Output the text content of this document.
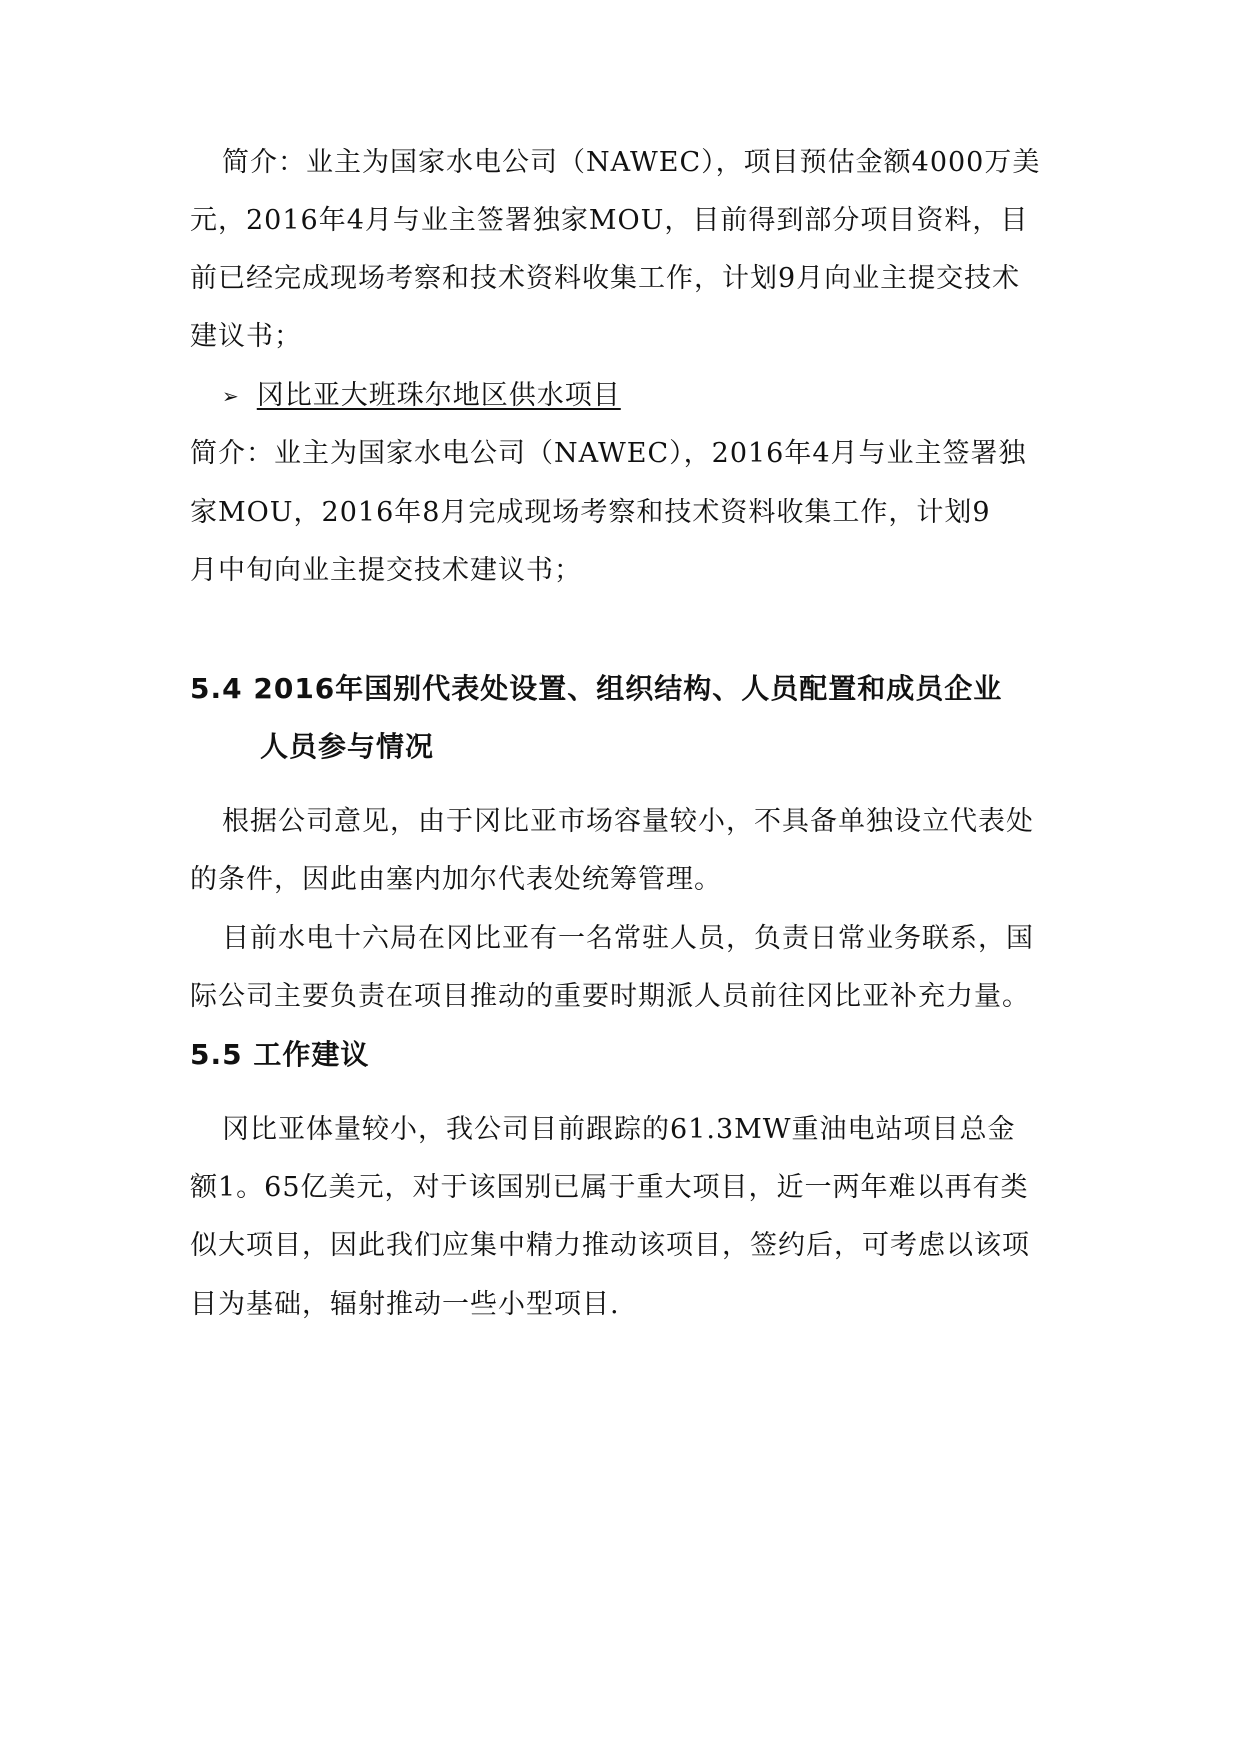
简介：业主为国家水电公司（NAWEC），项目预估金额4000万美
元，2016年4月与业主签署独家MOU，目前得到部分项目资料，目
前已经完成现场考察和技术资料收集工作，计划9月向业主提交技术
建议书；
➢ 冈比亚大班珠尔地区供水项目
简介：业主为国家水电公司（NAWEC），2016年4月与业主签署独
家MOU，2016年8月完成现场考察和技术资料收集工作，计划9
月中旬向业主提交技术建议书；
5.4 2016年国别代表处设置、组织结构、人员配置和成员企业
人员参与情况
根据公司意见，由于冈比亚市场容量较小，不具备单独设立代表处
的条件，因此由塞内加尔代表处统筹管理。
目前水电十六局在冈比亚有一名常驻人员，负责日常业务联系，国
际公司主要负责在项目推动的重要时期派人员前往冈比亚补充力量。
5.5 工作建议
冈比亚体量较小，我公司目前跟踪的61.3MW重油电站项目总金
额1。65亿美元，对于该国别已属于重大项目，近一两年难以再有类
似大项目，因此我们应集中精力推动该项目，签约后，可考虑以该项
目为基础，辐射推动一些小型项目.
